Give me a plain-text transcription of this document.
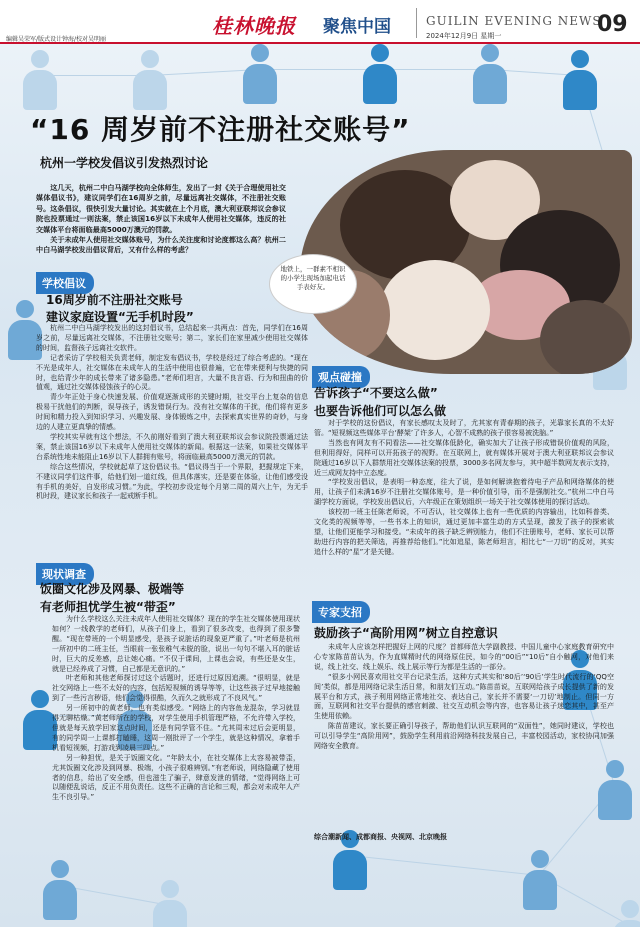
桂林晚报 聚焦中国	GUILIN EVENING NEWS
2024年12月9日 星期一	09
编辑吴荣军/版式设计钟海/校对吴明丽
“16 周岁前不注册社交账号”
杭州一学校发倡议引发热烈讨论

这几天，杭州二中白马湖学校向全体师生，发出了一封《关于合理使用社交媒体倡议书》，建议同学们在16周岁之前，尽量远离社交媒体，不注册社交账号。这条倡议，很快引发大量讨论。其实就在上个月底，澳大利亚联邦议会参议院也投票通过一则法案，禁止该国16岁以下未成年人使用社交媒体，违反的社交媒体平台将面临最高5000万澳元的罚款。

关于未成年人使用社交媒体账号，为什么关注度和讨论度都这么高？杭州二中白马湖学校发出倡议背后，又有什么样的考虑？

地铁上，一群素不相识的小学生现场加起电话手表好友。
学校倡议
16周岁前不注册社交账号
建议家庭设置“无手机时段”

杭州二中白马湖学校发出的这封倡议书，总结起来一共两点：首先，同学们在16周岁之前，尽量远离社交媒体，不注册社交账号；第二，家长们在家里减少使用社交媒体的时间，监督孩子远离社交软件。

记者采访了学校相关负责老师，制定发布倡议书，学校是经过了综合考虑的。“现在不光是成年人，社交媒体在未成年人的生活中使用也很普遍，它在带来便利与快捷的同时，也给青少年的成长带来了诸多隐患。”老师们坦言，大量不良言语、行为和扭曲的价值观，通过社交媒体侵蚀孩子的心灵。

青少年正处于身心快速发展、价值观逐渐成形的关键时期，社交平台上复杂的信息极易干扰他们的判断，误导孩子，诱发错误行为。没有社交媒体的干扰，他们将有更多时间和精力投入到知识学习、兴趣发展、身体锻炼之中，去探索真实世界的奇妙，与身边的人建立更真挚的情感。

学校其实早就有这个想法，不久前刚好看到了澳大利亚联邦议会参议院投票通过法案，禁止该国16岁以下未成年人使用社交媒体的新闻。根据这一法案，如果社交媒体平台系统性地未能阻止16岁以下人群拥有账号，将面临最高5000万澳元的罚款。

综合这些情况，学校就起草了这份倡议书。“倡议得当于一个界限，把握规定下来，不建议同学们这件事，给他们划一道红线，但具体落实，还是要在体验，让他们感受没有手机的美好，自发形成习惯。”为此，学校初步设定每个月第二周的周六上午，为无手机时段，建议家长和孩子一起戒断手机。

现状调查
饭圈文化涉及网暴、极端等
有老师担忧学生被“带歪”

为什么学校这么关注未成年人使用社交媒体？现在的学生社交媒体使用现状如何？一线教学的老师们，从孩子们身上，看到了很多改变，也得到了很多警醒。“现在带班的一个明显感受，是孩子说脏话的现象更严重了。”叶老师是杭州一所初中的二班主任，当眼前一张张稚气未脱的脸，说出一句句不堪入耳的脏话时，巨大的反差感，总让她心痛。“不仅于课间，上课也会说，有些还是女生，就是已经养成了习惯，自己都是无意识的。”

叶老师和其他老师探讨过这个话题时，还进行过原因追溯。“很明显，就是社交网络上一些不太好的内容，包括短视频的诱导等等，让这些孩子过早地接触到了一些污言秽语，他们会觉得很酷，久而久之就形成了不良风气。”

另一所初中的黄老师，也有类似感受。“网络上的内容鱼龙混杂，学习就显得无聊枯燥。”黄老师所在的学校，对学生使用手机管理严格，不允许带入学校，但就是每天放学回家这点时间，还是有同学管不住。“尤其周末过后会更明显，有的同学周一上课都打瞌睡，这周一刚批评了一个学生，就是这种情况，拿着手机看短视频，打游戏到凌晨三四点。”

另一种担忧，是关于饭圈文化。“年龄太小，在社交媒体上太容易被带歪，尤其饭圈文化涉及到网暴、极端，小孩子很难辨别。”有老师说，网络隐藏了使用者的信息，给出了安全感，但也滋生了骗子，肆意发泄的情绪，“觉得网络上可以随便乱说话，反正不用负责任。这些不正确的言论和三观，都会对未成年人产生不良引导。”

观点碰撞
告诉孩子“不要这么做”
也要告诉他们可以怎么做

对于学校的这份倡议，有家长感叹太及时了，尤其家有青春期的孩子，光靠家长真的不太好管。“短视频这些媒体平台‘酵架’了许多人，心智不成熟的孩子很容易被洗脑。”

当然也有网友有不同看法——社交媒体低龄化，确实加大了让孩子形成错误价值观的风险，但利用得好，同样可以开拓孩子的视野。在互联网上，就有媒体开展对于澳大利亚联邦议会参议院通过16岁以下人群禁用社交媒体法案的投票，3000多名网友参与，其中超半数网友表示支持，近三成网友持中立态度。

“学校发出倡议，是表明一种态度，往大了说，是如何解读抱着待电子产品和网络媒体的使用，让孩子们未满16岁不注册社交媒体账号，是一种价值引导，而不是强制社交。”杭州二中白马湖学校方面说，学校发出倡议后，六年级正在策划组织一场关于社交媒体使用的探讨活动。

该校初一班主任陈老师说，不可否认，社交媒体上也有一些优质的内容输出，比如科普类、文化类的视频等等，一些书本上的知识，通过更加丰富生动的方式呈现，激发了孩子的探索欲望，让他们更能学习和接受。“未成年的孩子缺乏辨别能力，他们不注册账号，老师、家长可以帮助进行内容的把关筛选，再推荐给他们。”比如追星，陈老师坦言，相比七“一刀切”的反对，其实追什么样的“星”才是关键。

专家支招
鼓励孩子“高阶用网”树立自控意识

未成年人应该怎样把握好上网的尺度？首都师范大学副教授、中国儿童中心家庭教育研究中心专家陈苗苗认为，作为直媒精时代的网络原住民，如今的“00后”“10后”自小触网，对他们来说，线上社交、线上娱乐、线上展示等行为都是生活的一部分。

“很多小网民喜欢用社交平台记录生活，这种方式其实和‘80后’‘90后’学生时代流行的‘QQ空间’类似，都是用网络记录生活日常，和朋友们互动。”陈苗苗说，互联网给孩子成长提供了新的发展平台和方式，孩子利用网络正常地社交、表达自己，家长并不需要‘一刀切’地制止。但同一方面，互联网和社交平台提供的感官刺激、社交互动机会等内容，也容易让孩子迷恋其中，甚至产生使用依赖。

陈苗苗建议，家长要正确引导孩子，帮助他们认识互联网的“双面性”，她同时建议，学校也可以引导学生“高阶用网”，鼓励学生利用前沿网络科技发展自己，丰富校园活动，家校协同加强网络安全教育。

综合潮新闻、成都商报、央视网、北京晚报
